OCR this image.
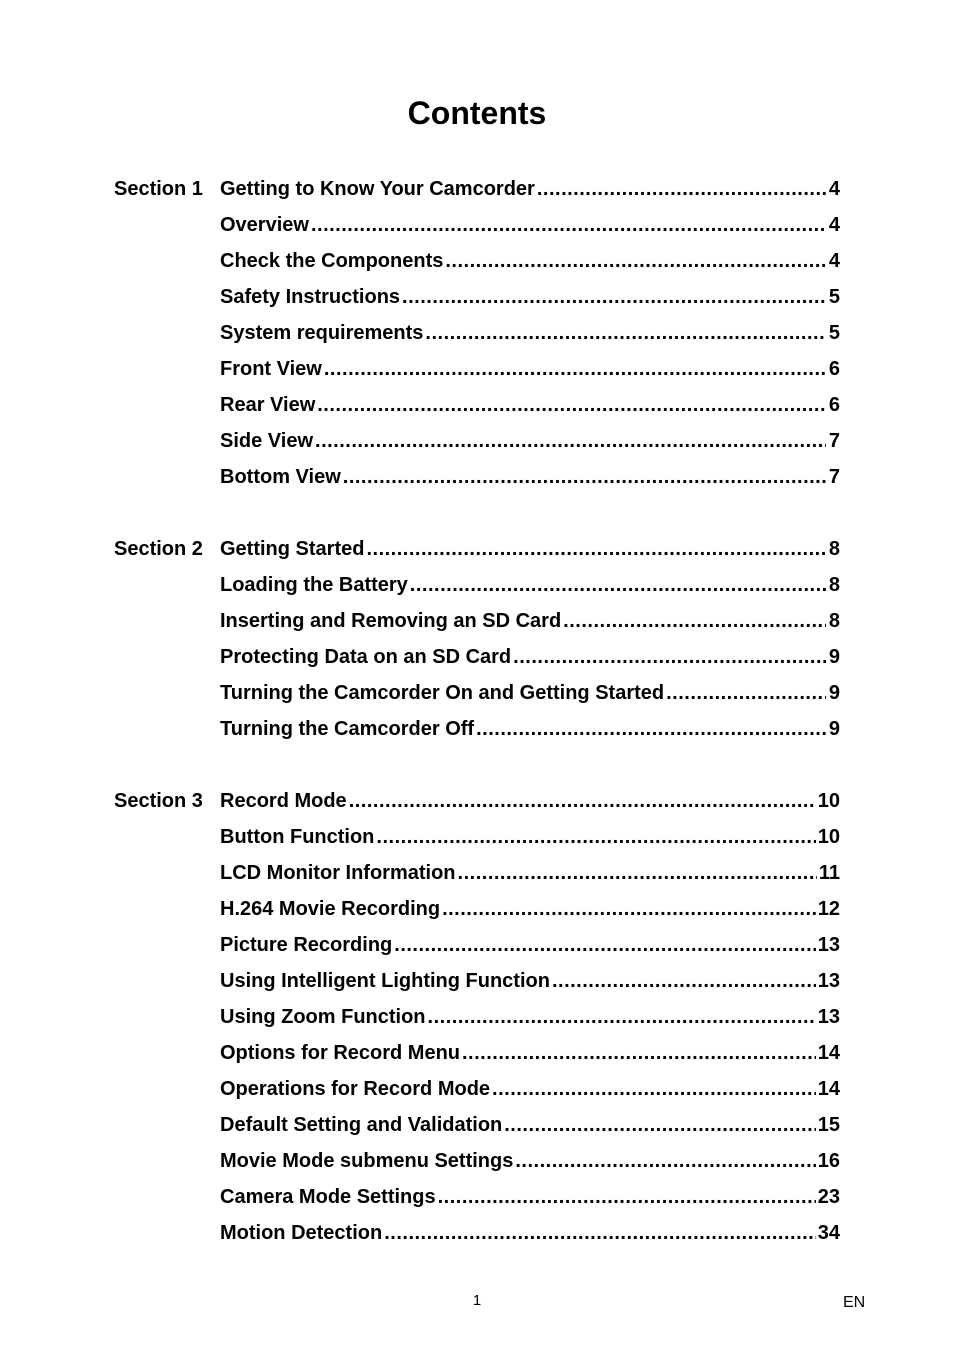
Contents
Section 1 Getting to Know Your Camcorder .....	4
Overview .....	4
Check the Components .....	4
Safety Instructions .....	5
System requirements .....	5
Front View .....	6
Rear View .....	6
Side View .....	7
Bottom View .....	7
Section 2 Getting Started .....	8
Loading the Battery .....	8
Inserting and Removing an SD Card .....	8
Protecting Data on an SD Card .....	9
Turning the Camcorder On and Getting Started .....	9
Turning the Camcorder Off .....	9
Section 3 Record Mode .....	10
Button Function .....	10
LCD Monitor Information .....	11
H.264 Movie Recording .....	12
Picture Recording .....	13
Using Intelligent Lighting Function .....	13
Using Zoom Function .....	13
Options for Record Menu .....	14
Operations for Record Mode .....	14
Default Setting and Validation .....	15
Movie Mode submenu Settings .....	16
Camera Mode Settings .....	23
Motion Detection .....	34
1	EN
